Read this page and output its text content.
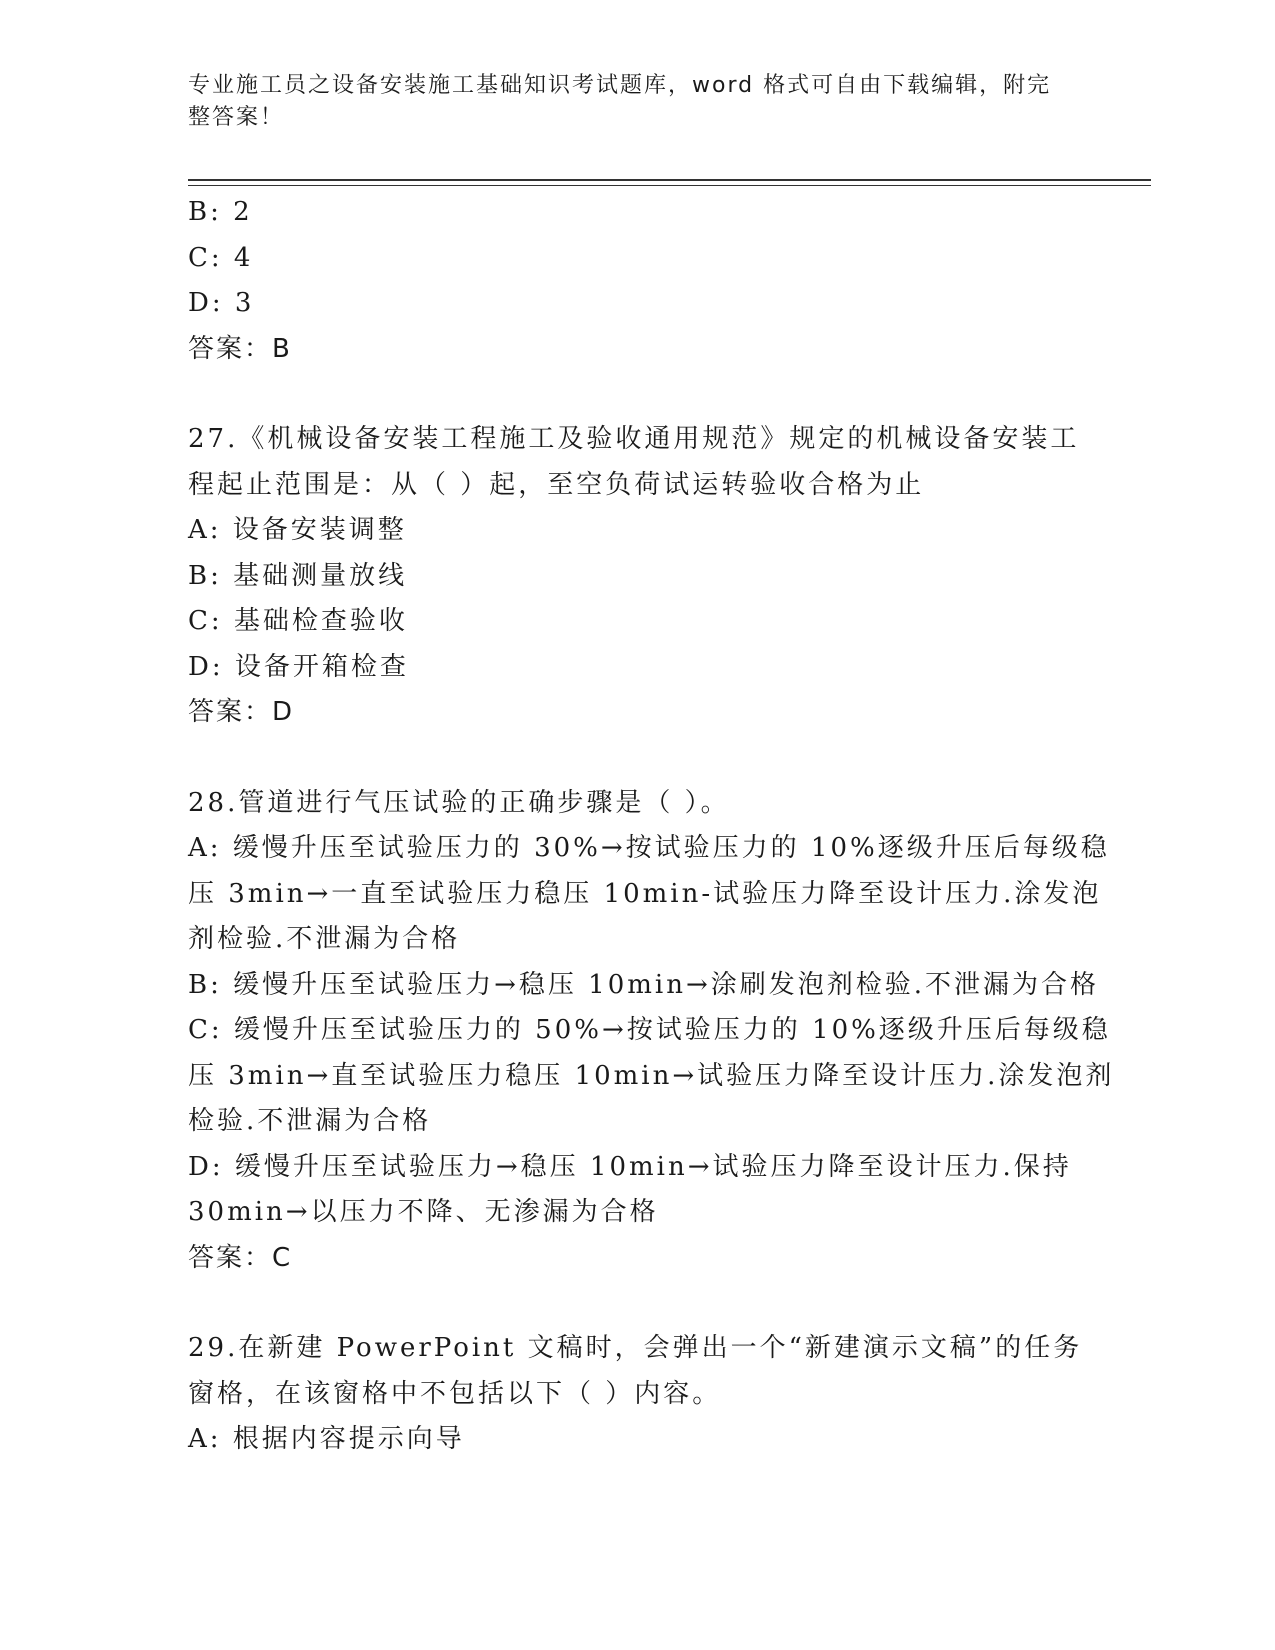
专业施工员之设备安装施工基础知识考试题库，word 格式可自由下载编辑，附完
整答案！
B: 2
C: 4
D: 3
答案：B
27.《机械设备安装工程施工及验收通用规范》规定的机械设备安装工
程起止范围是：从（ ）起，至空负荷试运转验收合格为止
A: 设备安装调整
B: 基础测量放线
C: 基础检查验收
D: 设备开箱检查
答案：D
28.管道进行气压试验的正确步骤是（ ）。
A: 缓慢升压至试验压力的 30%→按试验压力的 10%逐级升压后每级稳
压 3min→一直至试验压力稳压 10min-试验压力降至设计压力.涂发泡
剂检验.不泄漏为合格
B: 缓慢升压至试验压力→稳压 10min→涂刷发泡剂检验.不泄漏为合格
C: 缓慢升压至试验压力的 50%→按试验压力的 10%逐级升压后每级稳
压 3min→直至试验压力稳压 10min→试验压力降至设计压力.涂发泡剂
检验.不泄漏为合格
D: 缓慢升压至试验压力→稳压 10min→试验压力降至设计压力.保持
30min→以压力不降、无渗漏为合格
答案：C
29.在新建 PowerPoint 文稿时，会弹出一个“新建演示文稿”的任务
窗格，在该窗格中不包括以下（ ）内容。
A: 根据内容提示向导
